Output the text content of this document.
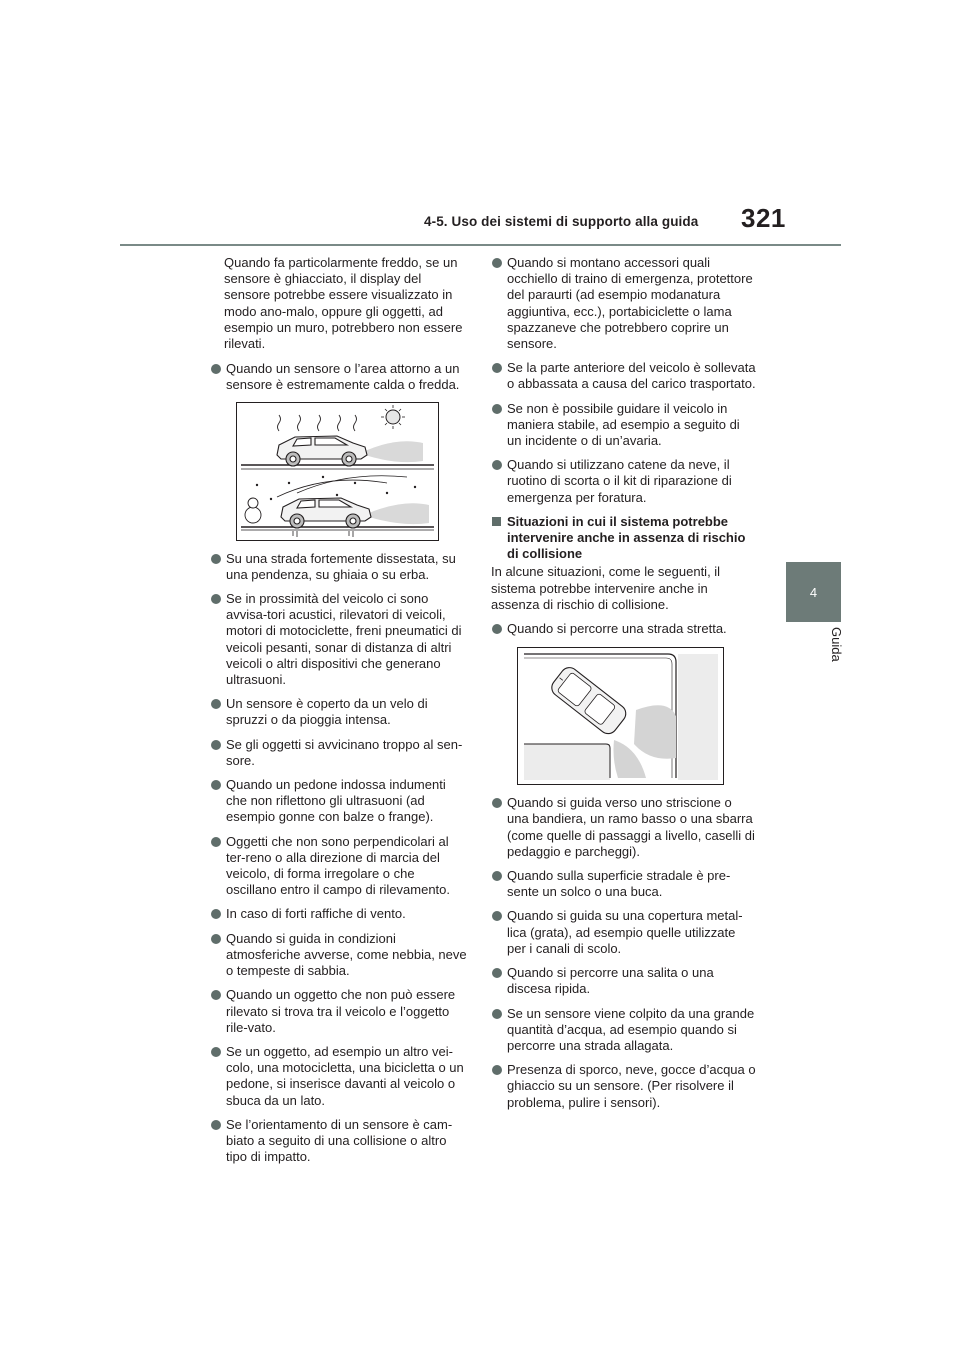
4-5. Uso dei sistemi di supporto alla guida 321
4
Guida

Quando fa particolarmente freddo, se un sensore è ghiacciato, il display del sensore potrebbe essere visualizzato in modo ano-malo, oppure gli oggetti, ad esempio un muro, potrebbero non essere rilevati.

Quando un sensore o l’area attorno a un sensore è estremamente calda o fredda.
Su una strada fortemente dissestata, su una pendenza, su ghiaia o su erba.
Se in prossimità del veicolo ci sono avvisa-tori acustici, rilevatori di veicoli, motori di motociclette, freni pneumatici di veicoli pesanti, sonar di distanza di altri veicoli o altri dispositivi che generano ultrasuoni.
Un sensore è coperto da un velo di spruzzi o da pioggia intensa.
Se gli oggetti si avvicinano troppo al sen-sore.
Quando un pedone indossa indumenti che non riflettono gli ultrasuoni (ad esempio gonne con balze o frange).
Oggetti che non sono perpendicolari al ter-reno o alla direzione di marcia del veicolo, di forma irregolare o che oscillano entro il campo di rilevamento.
In caso di forti raffiche di vento.
Quando si guida in condizioni atmosferiche avverse, come nebbia, neve o tempeste di sabbia.
Quando un oggetto che non può essere rilevato si trova tra il veicolo e l’oggetto rile-vato.
Se un oggetto, ad esempio un altro vei-colo, una motocicletta, una bicicletta o un pedone, si inserisce davanti al veicolo o sbuca da un lato.
Se l’orientamento di un sensore è cam-biato a seguito di una collisione o altro tipo di impatto.
Quando si montano accessori quali occhiello di traino di emergenza, protettore del paraurti (ad esempio modanatura aggiuntiva, ecc.), portabiciclette o lama spazzaneve che potrebbero coprire un sensore.
Se la parte anteriore del veicolo è sollevata o abbassata a causa del carico trasportato.
Se non è possibile guidare il veicolo in maniera stabile, ad esempio a seguito di un incidente o di un’avaria.
Quando si utilizzano catene da neve, il ruotino di scorta o il kit di riparazione di emergenza per foratura.
Situazioni in cui il sistema potrebbe intervenire anche in assenza di rischio di collisione

In alcune situazioni, come le seguenti, il sistema potrebbe intervenire anche in assenza di rischio di collisione.

Quando si percorre una strada stretta.
Quando si guida verso uno striscione o una bandiera, un ramo basso o una sbarra (come quelle di passaggi a livello, caselli di pedaggio e parcheggi).
Quando sulla superficie stradale è pre-sente un solco o una buca.
Quando si guida su una copertura metal-lica (grata), ad esempio quelle utilizzate per i canali di scolo.
Quando si percorre una salita o una discesa ripida.
Se un sensore viene colpito da una grande quantità d’acqua, ad esempio quando si percorre una strada allagata.
Presenza di sporco, neve, gocce d’acqua o ghiaccio su un sensore. (Per risolvere il problema, pulire i sensori).
